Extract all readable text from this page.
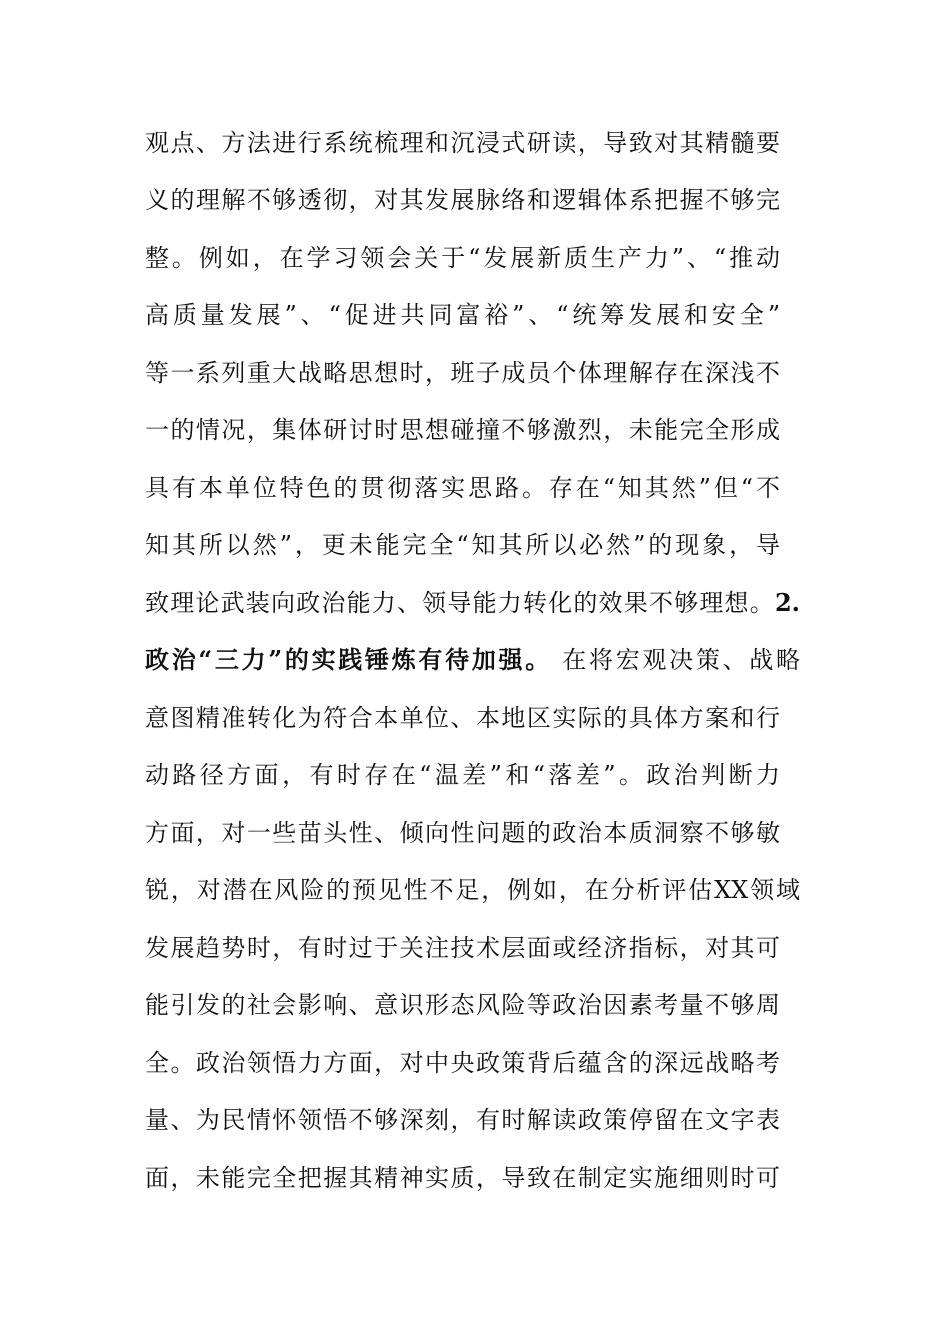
观点、方法进行系统梳理和沉浸式研读，导致对其精髓要
义的理解不够透彻，对其发展脉络和逻辑体系把握不够完
整。例如，在学习领会关于“发展新质生产力”、“推动
高质量发展”、“促进共同富裕”、“统筹发展和安全”
等一系列重大战略思想时，班子成员个体理解存在深浅不
一的情况，集体研讨时思想碰撞不够激烈，未能完全形成
具有本单位特色的贯彻落实思路。存在“知其然”但“不
知其所以然”，更未能完全“知其所以必然”的现象，导
致理论武装向政治能力、领导能力转化的效果不够理想。2.
政治“三力”的实践锤炼有待加强。 在将宏观决策、战略
意图精准转化为符合本单位、本地区实际的具体方案和行
动路径方面，有时存在“温差”和“落差”。政治判断力
方面，对一些苗头性、倾向性问题的政治本质洞察不够敏
锐，对潜在风险的预见性不足，例如，在分析评估XX领域
发展趋势时，有时过于关注技术层面或经济指标，对其可
能引发的社会影响、意识形态风险等政治因素考量不够周
全。政治领悟力方面，对中央政策背后蕴含的深远战略考
量、为民情怀领悟不够深刻，有时解读政策停留在文字表
面，未能完全把握其精神实质，导致在制定实施细则时可
